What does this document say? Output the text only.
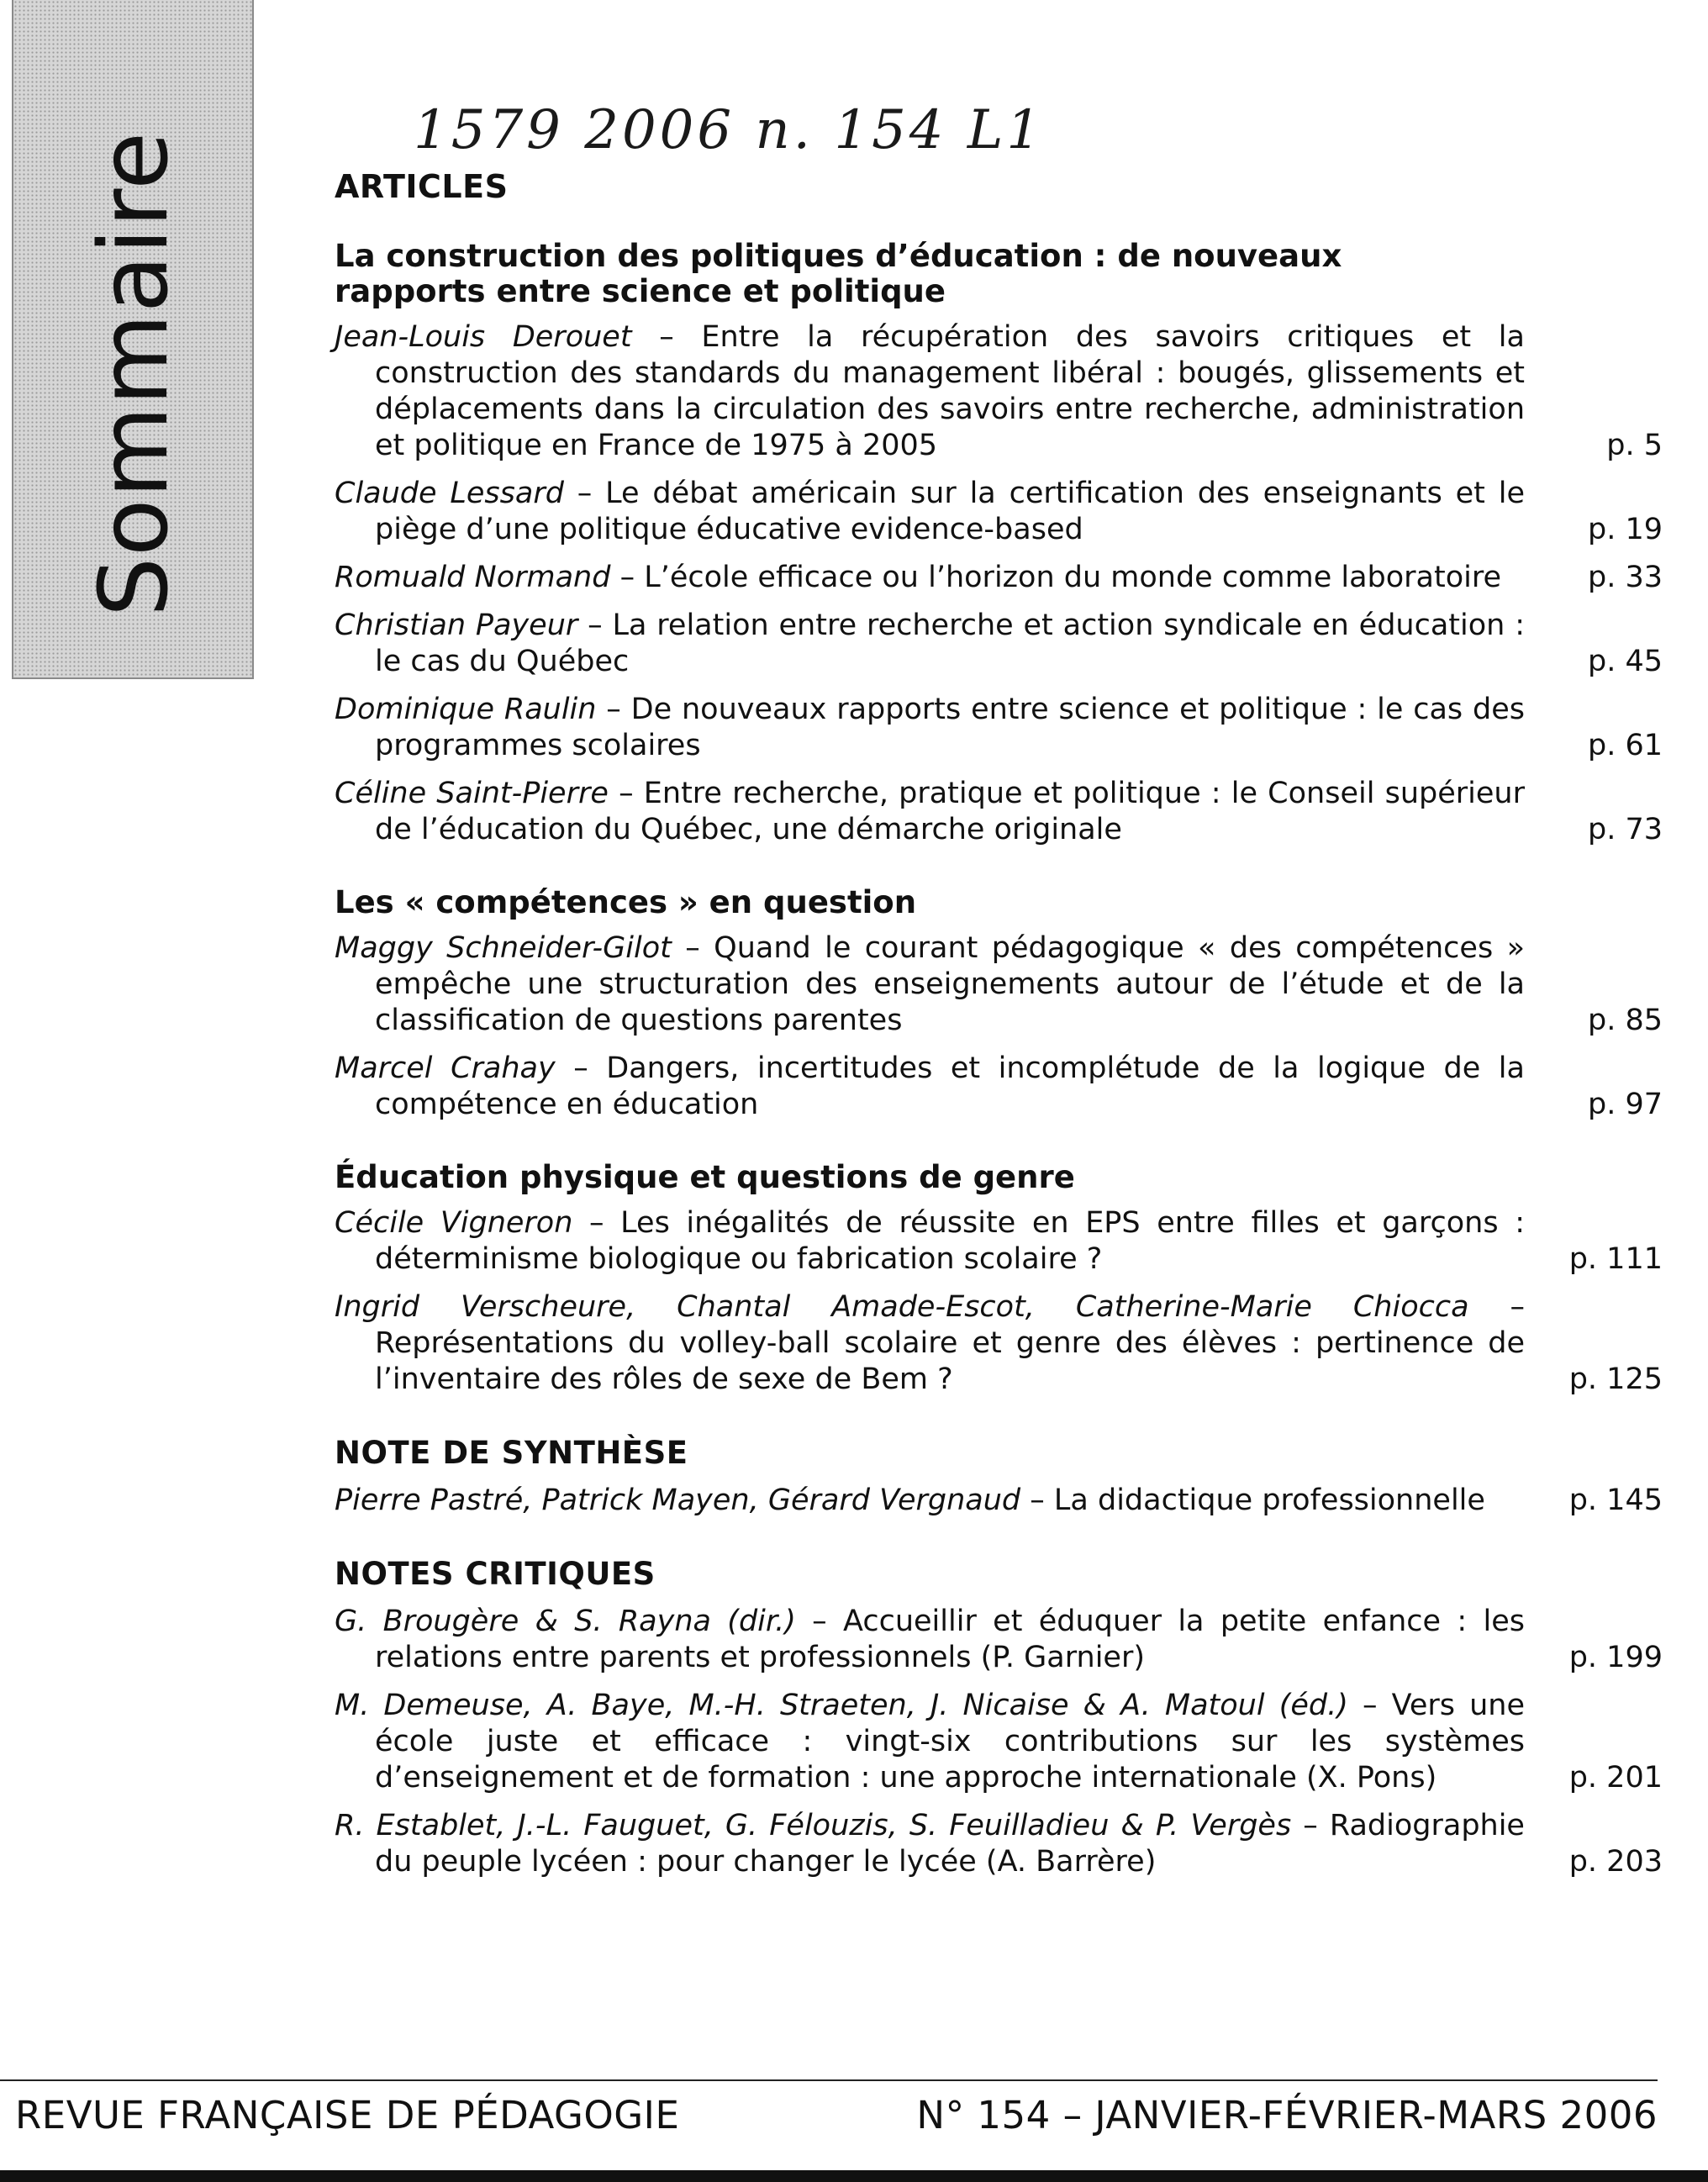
Sommaire
1579 2006 n. 154 L1
ARTICLES
La construction des politiques d’éducation : de nouveaux rapports entre science et politique
Jean-Louis Derouet – Entre la récupération des savoirs critiques et la construction des standards du management libéral : bougés, glissements et déplacements dans la circulation des savoirs entre recherche, administration et politique en France de 1975 à 2005	p. 5
Claude Lessard – Le débat américain sur la certification des enseignants et le piège d’une politique éducative evidence-based	p. 19
Romuald Normand – L’école efficace ou l’horizon du monde comme laboratoire	p. 33
Christian Payeur – La relation entre recherche et action syndicale en éducation : le cas du Québec	p. 45
Dominique Raulin – De nouveaux rapports entre science et politique : le cas des programmes scolaires	p. 61
Céline Saint-Pierre – Entre recherche, pratique et politique : le Conseil supérieur de l’éducation du Québec, une démarche originale	p. 73
Les « compétences » en question
Maggy Schneider-Gilot – Quand le courant pédagogique « des compétences » empêche une structuration des enseignements autour de l’étude et de la classification de questions parentes	p. 85
Marcel Crahay – Dangers, incertitudes et incomplétude de la logique de la compétence en éducation	p. 97
Éducation physique et questions de genre
Cécile Vigneron – Les inégalités de réussite en EPS entre filles et garçons : déterminisme biologique ou fabrication scolaire ?	p. 111
Ingrid Verscheure, Chantal Amade-Escot, Catherine-Marie Chiocca – Représentations du volley-ball scolaire et genre des élèves : pertinence de l’inventaire des rôles de sexe de Bem ?	p. 125
NOTE DE SYNTHÈSE
Pierre Pastré, Patrick Mayen, Gérard Vergnaud – La didactique professionnelle	p. 145
NOTES CRITIQUES
G. Brougère & S. Rayna (dir.) – Accueillir et éduquer la petite enfance : les relations entre parents et professionnels (P. Garnier)	p. 199
M. Demeuse, A. Baye, M.-H. Straeten, J. Nicaise & A. Matoul (éd.) – Vers une école juste et efficace : vingt-six contributions sur les systèmes d’enseignement et de formation : une approche internationale (X. Pons)	p. 201
R. Establet, J.-L. Fauguet, G. Félouzis, S. Feuilladieu & P. Vergès – Radiographie du peuple lycéen : pour changer le lycée (A. Barrère)	p. 203
REVUE FRANÇAISE DE PÉDAGOGIE	N° 154 – JANVIER-FÉVRIER-MARS 2006
